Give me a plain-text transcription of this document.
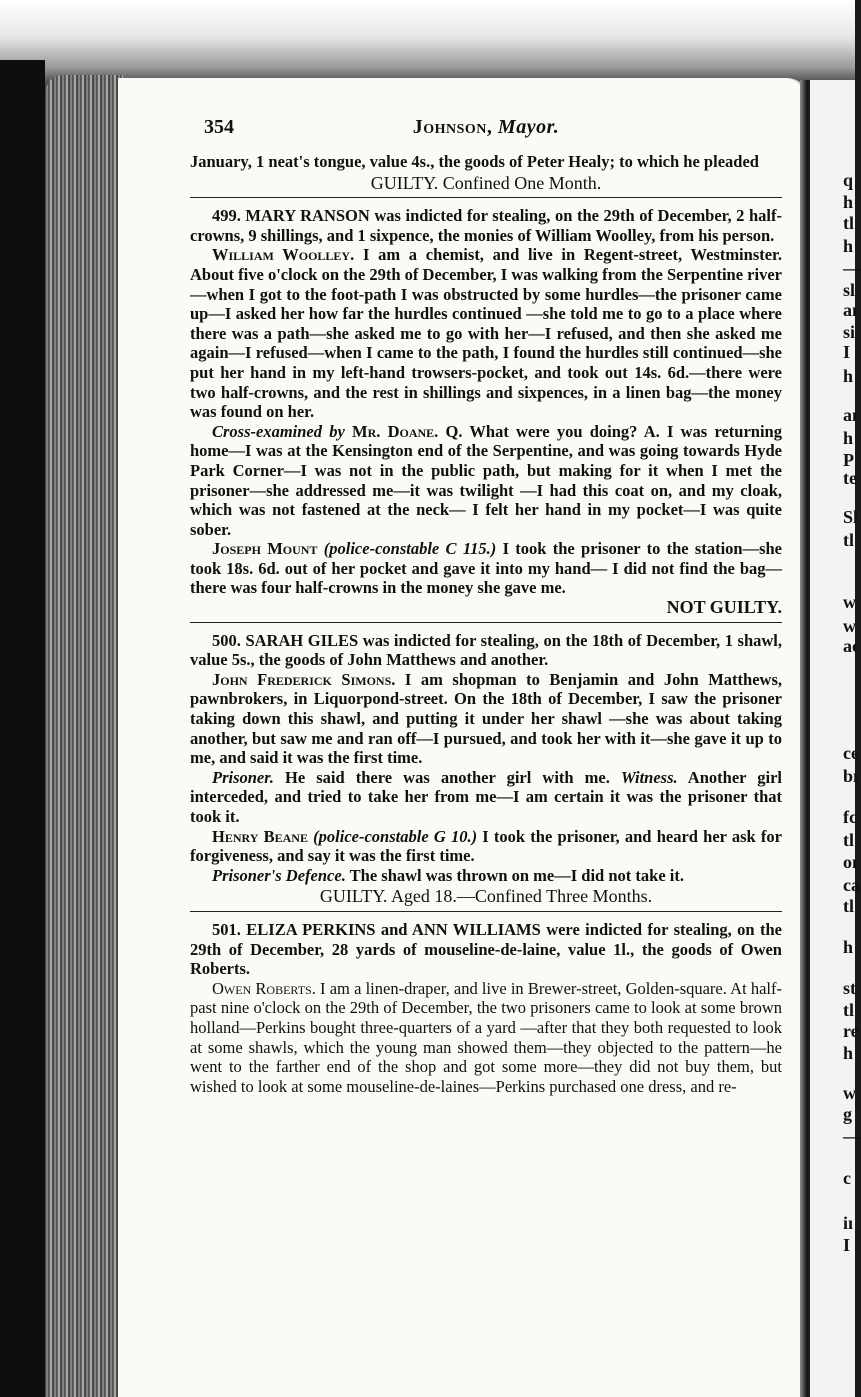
q
h
tl
h
—
sl
aı
si
I
h
aı
h
P
te
Sl
tl
w
w
ac
ce
bı
fc
tl
oı
ca
tl
h
st
tl
re
h
w
g
—
c
iı
I
354	Johnson, Mayor.

January, 1 neat's tongue, value 4s., the goods of Peter Healy; to which he pleaded

GUILTY. Confined One Month.

499. MARY RANSON was indicted for stealing, on the 29th of December, 2 half-crowns, 9 shillings, and 1 sixpence, the monies of William Woolley, from his person.

William Woolley. I am a chemist, and live in Regent-street, Westminster. About five o'clock on the 29th of December, I was walking from the Serpentine river—when I got to the foot-path I was obstructed by some hurdles—the prisoner came up—I asked her how far the hurdles continued —she told me to go to a place where there was a path—she asked me to go with her—I refused, and then she asked me again—I refused—when I came to the path, I found the hurdles still continued—she put her hand in my left-hand trowsers-pocket, and took out 14s. 6d.—there were two half-crowns, and the rest in shillings and sixpences, in a linen bag—the money was found on her.

Cross-examined by Mr. Doane. Q. What were you doing? A. I was returning home—I was at the Kensington end of the Serpentine, and was going towards Hyde Park Corner—I was not in the public path, but making for it when I met the prisoner—she addressed me—it was twilight —I had this coat on, and my cloak, which was not fastened at the neck— I felt her hand in my pocket—I was quite sober.

Joseph Mount (police-constable C 115.) I took the prisoner to the station—she took 18s. 6d. out of her pocket and gave it into my hand— I did not find the bag—there was four half-crowns in the money she gave me.

NOT GUILTY.

500. SARAH GILES was indicted for stealing, on the 18th of December, 1 shawl, value 5s., the goods of John Matthews and another.

John Frederick Simons. I am shopman to Benjamin and John Matthews, pawnbrokers, in Liquorpond-street. On the 18th of December, I saw the prisoner taking down this shawl, and putting it under her shawl —she was about taking another, but saw me and ran off—I pursued, and took her with it—she gave it up to me, and said it was the first time.

Prisoner. He said there was another girl with me. Witness. Another girl interceded, and tried to take her from me—I am certain it was the prisoner that took it.

Henry Beane (police-constable G 10.) I took the prisoner, and heard her ask for forgiveness, and say it was the first time.

Prisoner's Defence. The shawl was thrown on me—I did not take it.

GUILTY. Aged 18.—Confined Three Months.

501. ELIZA PERKINS and ANN WILLIAMS were indicted for stealing, on the 29th of December, 28 yards of mouseline-de-laine, value 1l., the goods of Owen Roberts.

Owen Roberts. I am a linen-draper, and live in Brewer-street, Golden-square. At half-past nine o'clock on the 29th of December, the two prisoners came to look at some brown holland—Perkins bought three-quarters of a yard —after that they both requested to look at some shawls, which the young man showed them—they objected to the pattern—he went to the farther end of the shop and got some more—they did not buy them, but wished to look at some mouseline-de-laines—Perkins purchased one dress, and re-
